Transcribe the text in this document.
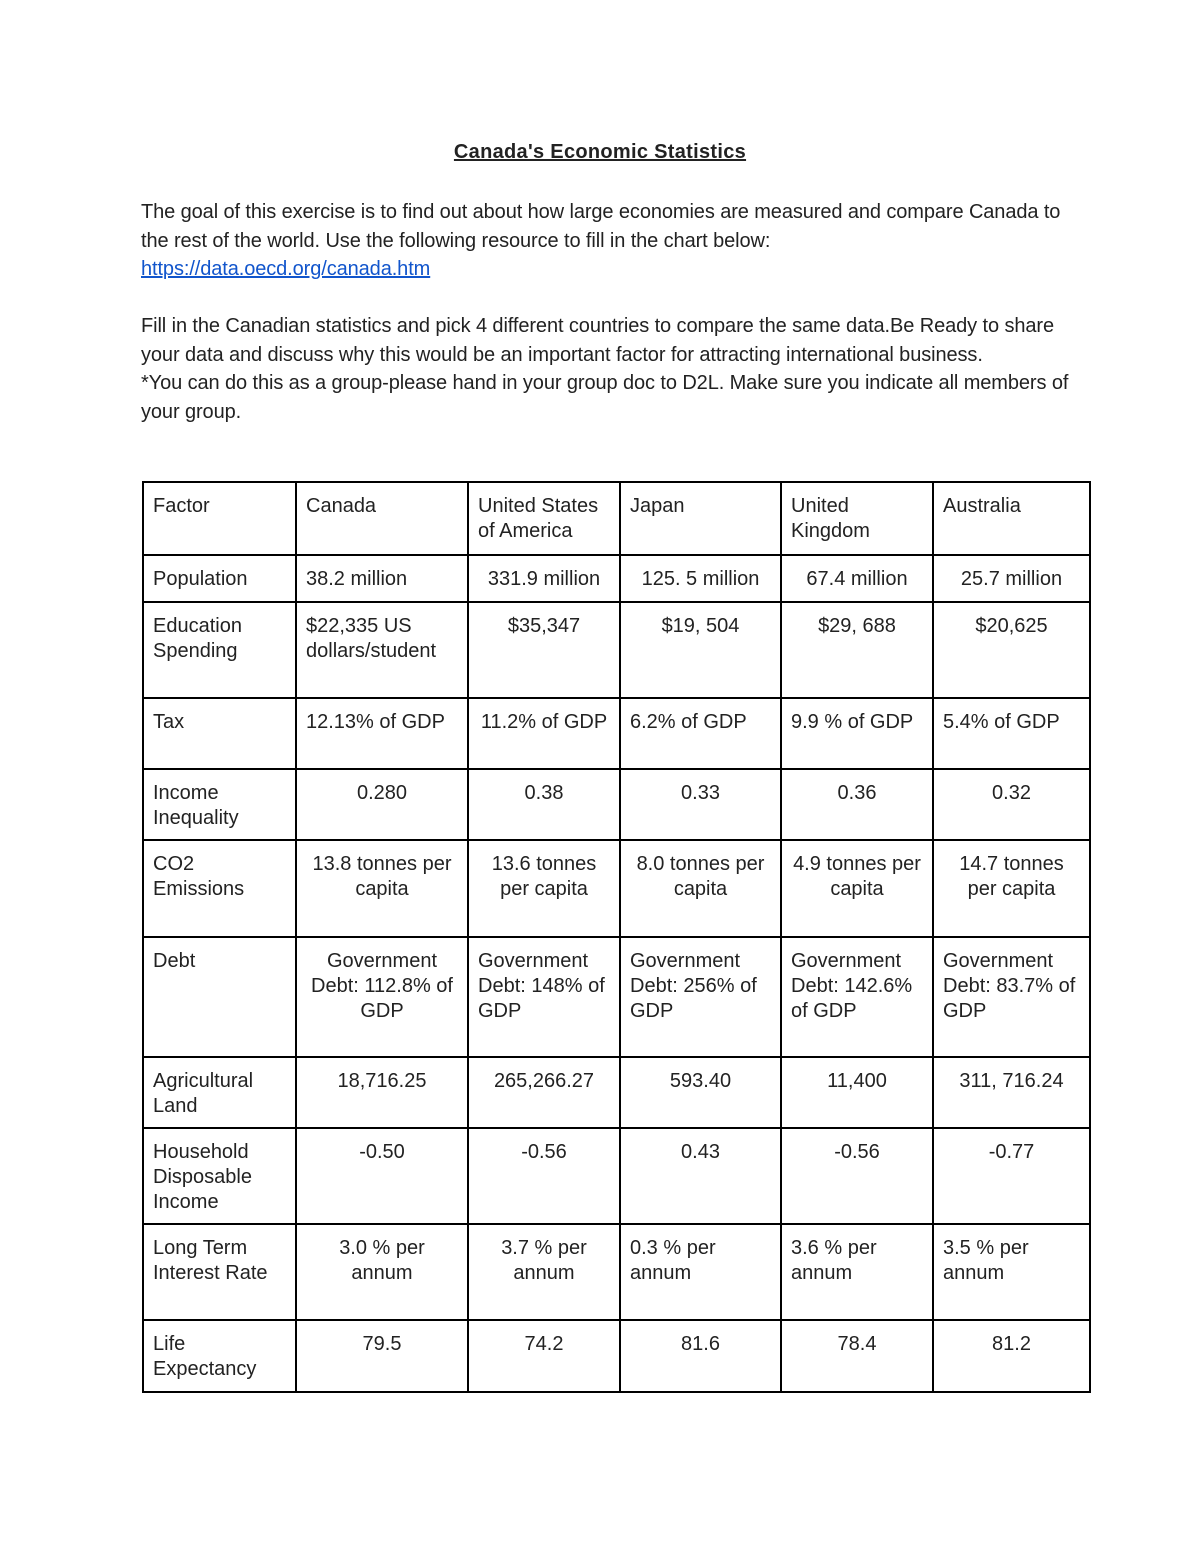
Canada's Economic Statistics

The goal of this exercise is to find out about how large economies are measured and compare Canada to the rest of the world. Use the following resource to fill in the chart below:
https://data.oecd.org/canada.htm

Fill in the Canadian statistics and pick 4 different countries to compare the same data.Be Ready to share your data and discuss why this would be an important factor for attracting international business.
*You can do this as a group-please hand in your group doc to D2L. Make sure you indicate all members of your group.

Factor	Canada	United States of America	Japan	United Kingdom	Australia
Population	38.2 million	331.9 million	125. 5 million	67.4 million	25.7 million
Education Spending	$22,335 US dollars/student	$35,347	$19, 504	$29, 688	$20,625
Tax	12.13% of GDP	11.2% of GDP	6.2% of GDP	9.9 % of GDP	5.4% of GDP
Income Inequality	0.280	0.38	0.33	0.36	0.32
CO2 Emissions	13.8 tonnes per capita	13.6 tonnes per capita	8.0 tonnes per capita	4.9 tonnes per capita	14.7 tonnes per capita
Debt	Government Debt: 112.8% of GDP	Government Debt: 148% of GDP	Government Debt: 256% of GDP	Government Debt: 142.6% of GDP	Government Debt: 83.7% of GDP
Agricultural Land	18,716.25	265,266.27	593.40	11,400	311, 716.24
Household Disposable Income	-0.50	-0.56	0.43	-0.56	-0.77
Long Term Interest Rate	3.0 % per annum	3.7 % per annum	0.3 % per annum	3.6 % per annum	3.5 % per annum
Life Expectancy	79.5	74.2	81.6	78.4	81.2
